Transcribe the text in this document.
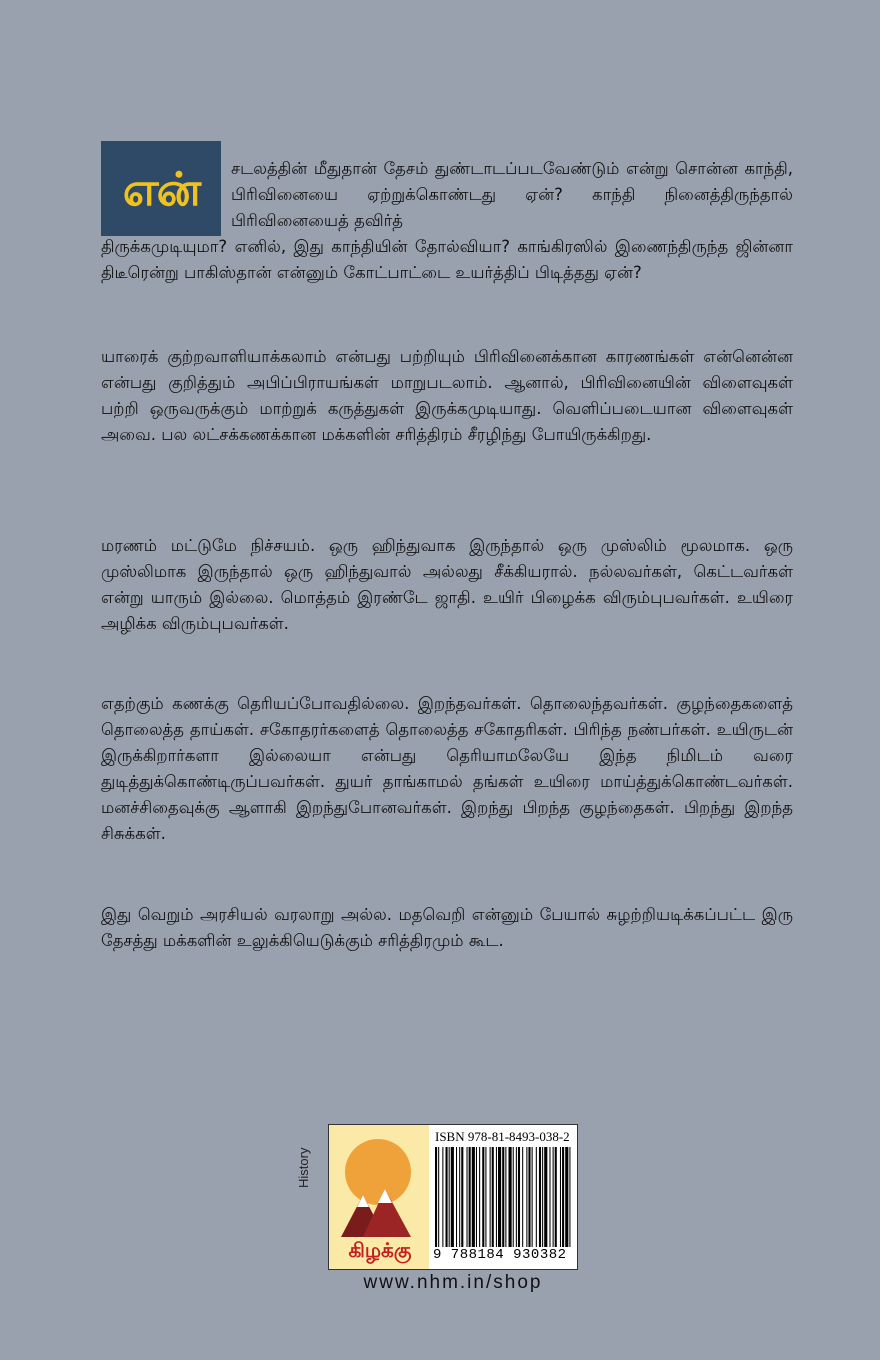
என் சடலத்தின் மீதுதான் தேசம் துண்டாடப்படவேண்டும் என்று சொன்ன காந்தி, பிரிவினையை ஏற்றுக்கொண்டது ஏன்? காந்தி நினைத்திருந்தால் பிரிவினையைத் தவிர்த்

திருக்கமுடியுமா? எனில், இது காந்தியின் தோல்வியா? காங்கிரஸில் இணைந்திருந்த ஜின்னா திடீரென்று பாகிஸ்தான் என்னும் கோட்பாட்டை உயர்த்திப் பிடித்தது ஏன்?

யாரைக் குற்றவாளியாக்கலாம் என்பது பற்றியும் பிரிவினைக்கான காரணங்கள் என்னென்ன என்பது குறித்தும் அபிப்பிராயங்கள் மாறுபடலாம். ஆனால், பிரிவினையின் விளைவுகள் பற்றி ஒருவருக்கும் மாற்றுக் கருத்துகள் இருக்கமுடியாது. வெளிப்படையான விளைவுகள் அவை. பல லட்சக்கணக்கான மக்களின் சரித்திரம் சீரழிந்து போயிருக்கிறது.

மரணம் மட்டுமே நிச்சயம். ஒரு ஹிந்துவாக இருந்தால் ஒரு முஸ்லிம் மூலமாக. ஒரு முஸ்லிமாக இருந்தால் ஒரு ஹிந்துவால் அல்லது சீக்கியரால். நல்லவர்கள், கெட்டவர்கள் என்று யாரும் இல்லை. மொத்தம் இரண்டே ஜாதி. உயிர் பிழைக்க விரும்புபவர்கள். உயிரை அழிக்க விரும்புபவர்கள்.

எதற்கும் கணக்கு தெரியப்போவதில்லை. இறந்தவர்கள். தொலைந்தவர்கள். குழந்தைகளைத் தொலைத்த தாய்கள். சகோதரர்களைத் தொலைத்த சகோதரிகள். பிரிந்த நண்பர்கள். உயிருடன் இருக்கிறார்களா இல்லையா என்பது தெரியாமலேயே இந்த நிமிடம் வரை துடித்துக்கொண்டிருப்பவர்கள். துயர் தாங்காமல் தங்கள் உயிரை மாய்த்துக்கொண்டவர்கள். மனச்சிதைவுக்கு ஆளாகி இறந்துபோனவர்கள். இறந்து பிறந்த குழந்தைகள். பிறந்து இறந்த சிசுக்கள்.

இது வெறும் அரசியல் வரலாறு அல்ல. மதவெறி என்னும் பேயால் சுழற்றியடிக்கப்பட்ட இரு தேசத்து மக்களின் உலுக்கியெடுக்கும் சரித்திரமும் கூட.

History
கிழக்கு
ISBN 978-81-8493-038-2
9 788184 930382
www.nhm.in/shop
